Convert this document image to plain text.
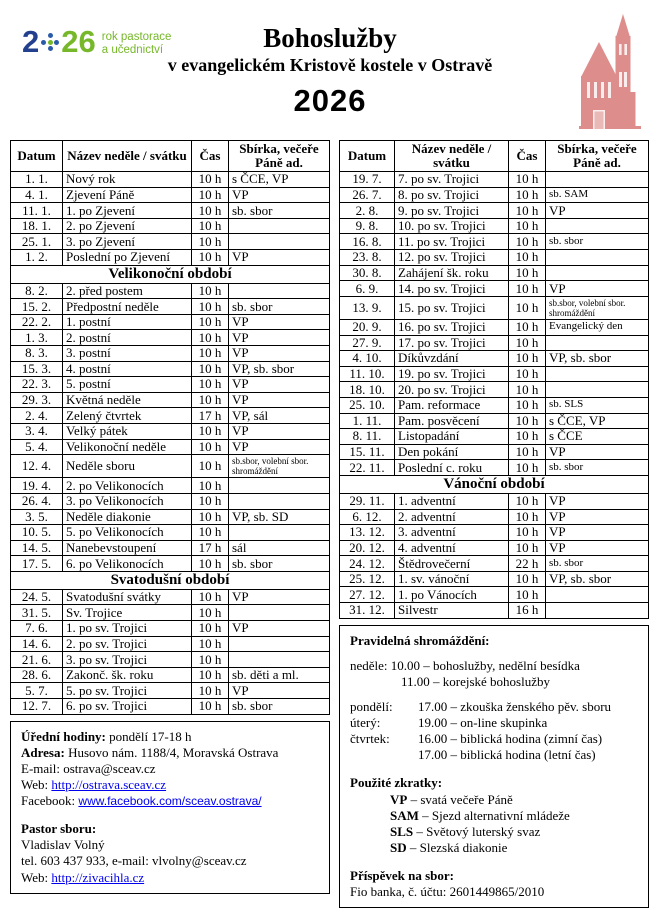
2 26 rok pastorace
a učednictví	Bohoslužby
v evangelickém Kristově kostele v Ostravě
2026
Datum	Název neděle / svátku	Čas	Sbírka, večeře Páně ad.
1. 1.	Nový rok	10 h	s ČCE, VP
4. 1.	Zjevení Páně	10 h	VP
11. 1.	1. po Zjevení	10 h	sb. sbor
18. 1.	2. po Zjevení	10 h	
25. 1.	3. po Zjevení	10 h	
1. 2.	Poslední po Zjevení	10 h	VP
Velikonoční období			
8. 2.	2. před postem	10 h	
15. 2.	Předpostní neděle	10 h	sb. sbor
22. 2.	1. postní	10 h	VP
1. 3.	2. postní	10 h	VP
8. 3.	3. postní	10 h	VP
15. 3.	4. postní	10 h	VP, sb. sbor
22. 3.	5. postní	10 h	VP
29. 3.	Květná neděle	10 h	VP
2. 4.	Zelený čtvrtek	17 h	VP, sál
3. 4.	Velký pátek	10 h	VP
5. 4.	Velikonoční neděle	10 h	VP
12. 4.	Neděle sboru	10 h	sb.sbor, volební sbor. shromáždění
19. 4.	2. po Velikonocích	10 h	
26. 4.	3. po Velikonocích	10 h	
3. 5.	Neděle diakonie	10 h	VP, sb. SD
10. 5.	5. po Velikonocích	10 h	
14. 5.	Nanebevstoupení	17 h	sál
17. 5.	6. po Velikonocích	10 h	sb. sbor
Svatodušní období			
24. 5.	Svatodušní svátky	10 h	VP
31. 5.	Sv. Trojice	10 h	
7. 6.	1. po sv. Trojici	10 h	VP
14. 6.	2. po sv. Trojici	10 h	
21. 6.	3. po sv. Trojici	10 h	
28. 6.	Zakonč. šk. roku	10 h	sb. děti a ml.
5. 7.	5. po sv. Trojici	10 h	VP
12. 7.	6. po sv. Trojici	10 h	sb. sbor

Úřední hodiny: pondělí 17-18 h

Adresa: Husovo nám. 1188/4, Moravská Ostrava

E-mail: ostrava@sceav.cz

Web: http://ostrava.sceav.cz

Facebook: www.facebook.com/sceav.ostrava/

Pastor sboru:

Vladislav Volný

tel. 603 437 933, e-mail: vlvolny@sceav.cz

Web: http://zivacihla.cz

Datum	Název neděle / svátku	Čas	Sbírka, večeře Páně ad.
19. 7.	7. po sv. Trojici	10 h	
26. 7.	8. po sv. Trojici	10 h	sb. SAM
2. 8.	9. po sv. Trojici	10 h	VP
9. 8.	10. po sv. Trojici	10 h	
16. 8.	11. po sv. Trojici	10 h	sb. sbor
23. 8.	12. po sv. Trojici	10 h	
30. 8.	Zahájení šk. roku	10 h	
6. 9.	14. po sv. Trojici	10 h	VP
13. 9.	15. po sv. Trojici	10 h	sb.sbor, volební sbor. shromáždění
20. 9.	16. po sv. Trojici	10 h	Evangelický den
27. 9.	17. po sv. Trojici	10 h	
4. 10.	Díkůvzdání	10 h	VP, sb. sbor
11. 10.	19. po sv. Trojici	10 h	
18. 10.	20. po sv. Trojici	10 h	
25. 10.	Pam. reformace	10 h	sb. SLS
1. 11.	Pam. posvěcení	10 h	s ČCE, VP
8. 11.	Listopadání	10 h	s ČCE
15. 11.	Den pokání	10 h	VP
22. 11.	Poslední c. roku	10 h	sb. sbor
Vánoční období			
29. 11.	1. adventní	10 h	VP
6. 12.	2. adventní	10 h	VP
13. 12.	3. adventní	10 h	VP
20. 12.	4. adventní	10 h	VP
24. 12.	Štědrovečerní	22 h	sb. sbor
25. 12.	1. sv. vánoční	10 h	VP, sb. sbor
27. 12.	1. po Vánocích	10 h	
31. 12.	Silvestr	16 h	

Pravidelná shromáždění:

neděle: 10.00 – bohoslužby, nedělní besídka

11.00 – korejské bohoslužby

pondělí:	17.00 – zkouška ženského pěv. sboru

úterý:	19.00 – on-line skupinka

čtvrtek:	16.00 – biblická hodina (zimní čas)

17.00 – biblická hodina (letní čas)

Použité zkratky:

VP – svatá večeře Páně

SAM – Sjezd alternativní mládeže

SLS – Světový luterský svaz

SD – Slezská diakonie

Příspěvek na sbor:

Fio banka, č. účtu: 2601449865/2010
